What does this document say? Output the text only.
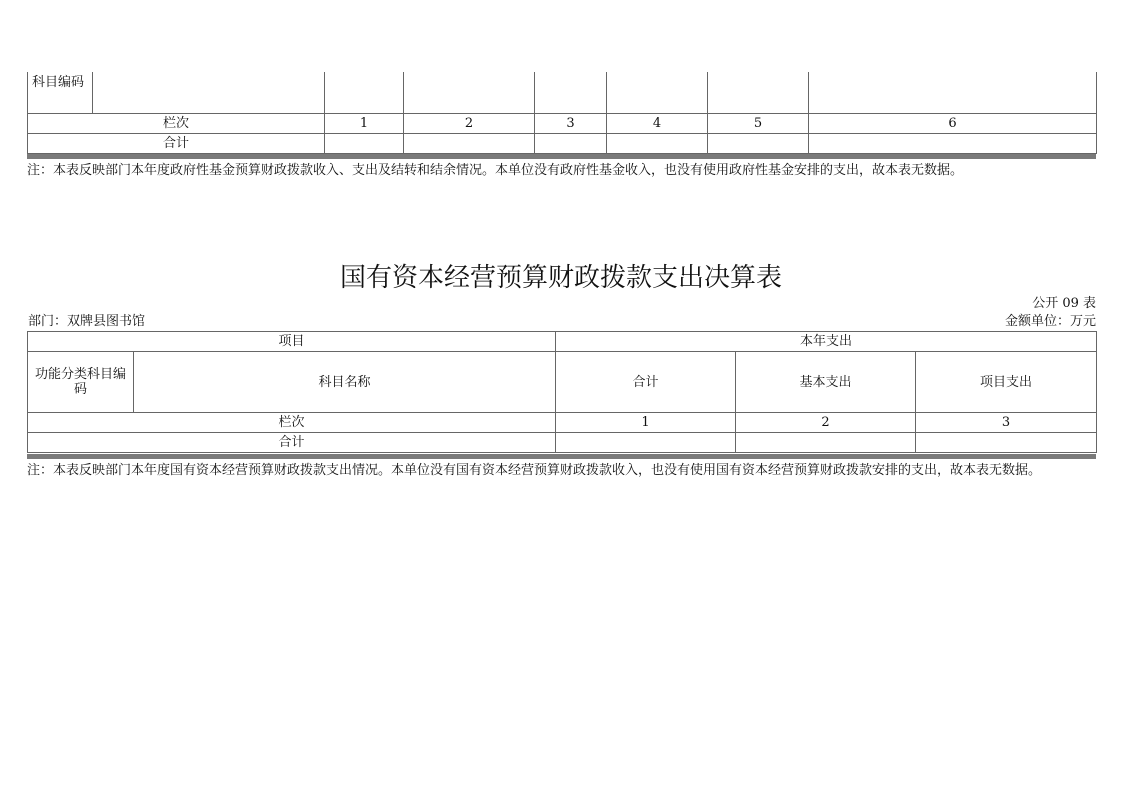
科目编码							
栏次		1	2	3	4	5	6
合计							
注：本表反映部门本年度政府性基金预算财政拨款收入、支出及结转和结余情况。本单位没有政府性基金收入，也没有使用政府性基金安排的支出，故本表无数据。
国有资本经营预算财政拨款支出决算表
公开 09 表
部门：双牌县图书馆	金额单位：万元
项目		本年支出		
功能分类科目编码	科目名称	合计	基本支出	项目支出
栏次		1	2	3
合计				
注：本表反映部门本年度国有资本经营预算财政拨款支出情况。本单位没有国有资本经营预算财政拨款收入，也没有使用国有资本经营预算财政拨款安排的支出，故本表无数据。
